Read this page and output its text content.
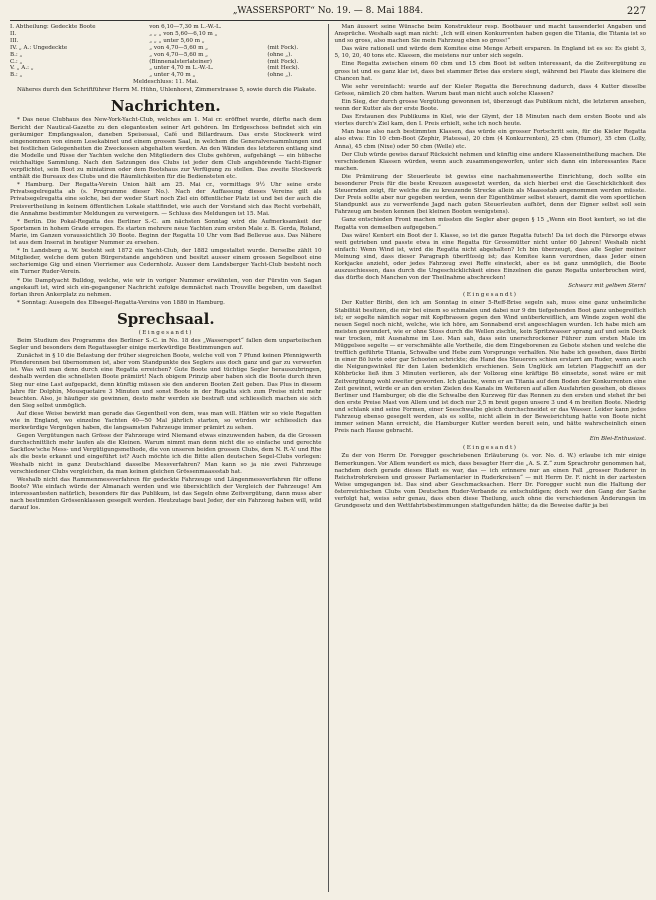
„WASSERSPORT“ No. 19. — 8. Mai 1884.	227
I. Abtheilung: Gedeckte Boote	von 6,10—7,30 m L.-W.-L.	
II.	„ „ „ von 5,60—6,10 m „	
III.	„ „ „ unter 5,60 m „	
IV. „ A.: Ungedeckte	„ von 4,70—5,60 m „	(mit Fock).
B.: „	„ von 4,70—5,60 m „	(ohne „).
C.: „	(Binnenalsterlateiner)	(mit Fock).
V. „ A.: „	„ unter 4,70 m L.-W.-L.	(mit Heck).
B.: „	„ unter 4,70 m „	(ohne „).

Meldeschluss: 11. Mai.

Näheres durch den Schriftführer Herrn M. Hühn, Uhlenhorst, Zimmerstrasse 5, sowie durch die Plakate.

Nachrichten.

* Das neue Clubhaus des New-York-Yacht-Club, welches am 1. Mai cr. eröffnet wurde, dürfte nach dem Bericht der Nautical-Gazette zu den elegantesten seiner Art gehören. Im Erdgeschoss befindet sich ein geräumiger Empfangssalon, daneben Speisesaal, Café und Billardraum. Das erste Stockwerk wird eingenommen von einem Lesekabinet und einem grossen Saal, in welchem die Generalversammlungen und bei festlichen Gelegenheiten die Zweckessen abgehalten werden. An den Wänden des letzteren entlang sind die Modelle und Risse der Yachten welche den Mitgliedern des Clubs gehören, aufgehängt — ein hübsche reichhaltige Sammlung. Nach den Satzungen des Clubs ist jeder dem Club angehörende Yacht-Eigner verpflichtet, sein Boot zu miniatiren oder dem Bootshaus zur Verfügung zu stellen. Das zweite Stockwerk enthält die Bureaux des Clubs und die Räumlichkeiten für die Bediensteten etc.

* Hamburg. Der Regatta-Verein Union hält am 25. Mai cr., vormittags 9½ Uhr seine erste Privatsegelregatta ab (s. Programme dieser No.). Nach der Auffassung dieses Vereins gilt als Privatsegelregatta eine solche, bei der weder Start noch Ziel ein öffentlicher Platz ist und bei der auch die Preisvertheilung in keinem öffentlichen Lokale stattfindet, wie auch der Vorstand sich das Recht vorbehält, die Annahme bestimmter Meldungen zu verweigern. — Schluss des Meldungen ist 15. Mai.

* Berlin. Die Pokal-Regatta des Berliner S.-C. am nächsten Sonntag wird die Aufmerksamkeit der Sportsmen in hohem Grade erregen. Es starten mehrere neue Yachten zum ersten Male z. B. Gerda, Roland, Marie, im Ganzen voraussichtlich 30 Boote. Beginn der Regatta 10 Uhr vom Bad Bellevue aus. Das Nähere ist aus dem Inserat in heutiger Nummer zu ersehen.

* In Landsberg a. W. besteht seit 1872 ein Yacht-Club, der 1882 umgestaltet wurde. Derselbe zählt 10 Mitglieder, welche dem guten Bürgerstande angehören und besitzt ausser einem grossen Segelboot eine sechsriemige Gig und einen Vierriemer aus Cedernholz. Ausser dem Landsberger Yacht-Club besteht noch ein Turner Ruder-Verein.

* Die Dampfyacht Bulldog, welche, wie wir in voriger Nummer erwähnten, von der Fürstin von Sagan angekauft ist, wird sich ein-gegangener Nachricht zufolge demnächst nach Trouville begeben, um daselbst fortan ihren Ankerplatz zu nehmen.

* Sonntag: Ausegeln des Elbsegel-Regatta-Vereins von 1880 in Hamburg.

Sprechsaal.

(Eingesandt)

Beim Studium des Programms des Berliner S.-C. in No. 18 des „Wassersport“ fallen dem unparteiischen Segler und besonders dem Regattasegler einige merkwürdige Bestimmungen auf.

Zunächst in § 10 die Belastung der früher siegreichen Boote, welche voll von 7 Pfund keinen Pfennigwerth Pfenderennen bei übernommen ist, aber vom Standpunkte des Seglers aus doch ganz und gar zu verwerfen ist. Was will man denn durch eine Regatta erreichen? Gute Boote und tüchtige Segler herauszubringen, deshalb werden die schnellsten Boote prämiirt! Nach obigem Prinzip aber haben sich die Boote durch ihren Sieg nur eine Last aufgepackt, denn künftig müssen sie den anderen Booten Zeit geben. Das Plus in diesem Jahre für Dolphin, Mousquetaire 3 Minuten und sonst Boote in der Regatta sich zum Preise nicht mehr beachten. Also, je häufiger sie gewinnen, desto mehr werden sie bestraft und schliesslich machen sie sich den Sieg selbst unmöglich.

Auf diese Weise bewirkt man gerade das Gegentheil von dem, was man will. Hätten wir so viele Regatten wie in England, wo einzelne Yachten 40—50 Mal jährlich starten, so würden wir schliesslich das merkwürdige Vergnügen haben, die langsamsten Fahrzeuge immer prämirt zu sehen.

Gegen Vergütungen nach Grösse der Fahrzeuge wird Niemand etwas einzuwenden haben, da die Grossen durchschnittlich mehr laufen als die Kleinen. Warum nimmt man denn nicht die so einfache und gerechte Sackflow'sche Mess- und Vergütigungsmethode, die von unseren beiden grossen Clubs, dem N. R.-V. und Rhe als die beste erkannt und eingeführt ist? Auch möchte ich die Bitte allen deutschen Segel-Clubs vorlegen: Weshalb nicht in ganz Deutschland dasselbe Messverfahren? Man kann so ja nie zwei Fahrzeuge verschiedener Clubs vergleichen, da man keinen gleichen Grössenmaassstab hat.

Weshalb nicht das Rammenmessverfahren für gedeckte Fahrzeuge und Längenmessverfahren für offene Boote? Wie einfach würde der Almanach werden und wie übersichtlich der Vergleich der Fahrzeuge! Am interessantesten natürlich, besonders für das Publikum, ist das Segeln ohne Zeitvergütung, dann muss aber nach bestimmten Grössenklassen gesegelt werden. Heutzutage baut Jeder, der ein Fahrzeug haben will, wild darauf los.

Man äussert seine Wünsche beim Konstrukteur resp. Bootbauer und macht tausenderlei Angaben und Ansprüche. Weshalb sagt man nicht: „Ich will einen Konkurrenten haben gegen die Titania, die Titania ist so und so gross, also machen Sie mein Fahrzeug eben so gross!“

Das wäre rationell und würde dem Komitee eine Menge Arbeit ersparen. In England ist es so: Es giebt 3, 5, 10, 20, 40 tons etc. Klassen, die meistens nur unter sich segeln.

Eine Regatta zwischen einem 60 cbm und 15 cbm Boot ist selten interessant, da die Zeitvergütung zu gross ist und es ganz klar ist, dass bei stammer Brise das erstere siegt, während bei Flaute das kleinere die Chancen hat.

Wie sehr vereinfacht: wurde auf der Kieler Regatta die Berechnung dadurch, dass 4 Kutter dieselbe Grösse, nämlich 20 cbm hatten. Warum baut man nicht auch solche Klassen?

Ein Sieg, der durch grosse Vergütung gewonnen ist, überzeugt das Publikum nicht, die letzteren ansehen, wenn der Kutter als der erste Boote.

Das Erstaunen des Publikums in Kiel, wie der Glymt, der 18 Minuten nach dem ersten Boote und als viertes durch's Ziel kam, den I. Preis erhielt, sehe ich noch heute.

Man baue also nach bestimmten Klassen, das würde ein grosser Fortschritt sein, für die Kieler Regatta also etwa: Ein 10 cbm-Boot (Zephir, Platessa), 20 cbm (4 Konkurrenten), 25 cbm (Humor), 35 cbm (Lolly, Anna), 45 cbm (Nixe) oder 50 cbm (Welle) etc.

Der Club würde gewiss darauf Rücksicht nehmen und künftig eine andere Klasseneintheilung machen. Die verschiedenen Klassen würden, wenn auch zusammengeworfen, unter sich dann ein interessantes Race machen.

Die Prämiirung der Steuerleute ist gewiss eine nachahmenswerthe Einrichtung, doch sollte ein besonderer Preis für die beste Kreuzen ausgesetzt werden, da sich hierbei erst die Geschicklichkeit des Steuernden zeigt, für welche die zu kreuzende Strecke allein als Maassstab angenommen werden müsste. Der Preis sollte aber nur gegeben werden, wenn der Eigenthümer selbst steuert, damit die vom sportlichen Standpunkt aus zu verwerfende Jagd nach guten Steuerleuten aufhört, denn der Eigner selbst soll sein Fahrzeug am besten kennen (bei kleinen Booten wenigstens).

Ganz entschieden Front machen müssten die Segler aber gegen § 15 „Wenn ein Boot kentert, so ist die Regatta von demselben aufgegeben.“

Das wäre! Kentert ein Boot der I. Klasse, so ist die ganze Regatta futsch! Da ist doch die Fürsorge etwas weit getrieben und passte etwa in eine Regatta für Grossmütter nicht unter 60 Jahren! Weshalb nicht einfach: Wenn Wind ist, wird die Regatta nicht abgehalten? Ich bin überzeugt, dass alle Segler meiner Meinung sind, dass dieser Paragraph überflüssig ist; das Komitee kann verordnen, dass Jeder einen Korkjacke anzieht, oder jedes Fahrzeug zwei Reffe einsteckt, aber es ist ganz unmöglich, die Boote auszuschiessen, dass durch die Ungeschicklichkeit eines Einzelnen die ganze Regatta unterbrochen wird, das dürfte doch Manchen von der Theilnahme abschrecken!

Schwarz mit gelbem Stern!

(Eingesandt)

Der Kutter Biribi, den ich am Sonntag in einer 5-Reff-Brise segeln sah, muss eine ganz unheimliche Stabilität besitzen, die mir bei einem so schmalen und dabei nur 9 dm tiefgehenden Boot ganz unbegreiflich ist; er segelte nämlich sogar mit Kopfbrassen gegen den Wind unüberkreifllich, am Winde zogen wohl die neuen Segel noch nicht, welche, wie ich höre, am Sonnabend erst angeschlagen wurden. Ich habe mich am meisten gewundert, wie er ohne Stoss durch die Wellen zischte, kein Spritzwasser sprang auf und sein Deck war trocken, mit Ausnahme im Lee. Man sah, dass sein unerschrockener Führer zum ersten Male im Müggelsee segelte — er verschmähte alle Vortheile, die dem Eingeborenen zu Gebote stehen und welche die trefflich geführte Titania, Schwalbe und Hebe zum Vorsprunge verhalfen. Nie habe ich gesehen, dass Biribi in einer Bö luvte oder gar Schooten schrickte; die Hand des Steuerers schien erstarrt am Ruder, wenn auch die Neigungswinkel für den Laien bedenklich erschienen. Sein Unglück am letzten Flaggschiff an der Köhbrücke ließ ihm 3 Minuten verlieren, als der Vollzeug eine kräftige Bö einsetzte, sonst wäre er mit Zeitvergütung wohl zweiter geworden. Ich glaube, wenn er an Titania auf dem Boden der Konkurrenten eine Zeit gewinnt, würde er an den ersten Zielen des Kanals im Weiteren auf allen Ausfahrten gesehen, ob dieses Berliner und Hamburger, ob die die Schwalbe den Kurzweg für das Rennen zu den ersten und stehet ihr bei den erste Preise Mast von Allem und ist doch nur 2,5 m breit gegen unsere 3 und 4 m breiten Boote. Niedrig und schlank sind seine Formen, einer Seeschwalbe gleich durchschneidet er das Wasser. Leider kann jedes Fahrzeug ebenso gesegelt werden, als es sollte, nicht allein in der Beweisrichtung hatte von Boote nicht immer seinen Mann erreicht, die Hamburger Kutter werden bereit sein, und hätte wahrscheinlich einen Preis nach Hause gebracht.

Ein Blei-Enthusiast.

(Eingesandt)

Zu der von Herrn Dr. Foregger geschriebenen Erläuterung (s. vor. No. d. W.) erlaube ich mir einige Bemerkungen. Vor Allem wundert es mich, dass besagter Herr die „A. S. Z.“ zum Sprachrohr genommen hat, nachdem doch gerade dieses Blatt es war, das — ich erinnere nur an einen Fall „grosser Ruderer in Reichstrohrkreisen und grosser Parlamentarier in Ruderkreisen“ — mit Herrn Dr. F. nicht in der zartesten Weise umgegangen ist. Das sind aber Geschmacksachen. Herr Dr. Foregger sucht nun die Haltung der österreichischen Clubs vom Deutschen Ruder-Verbande zu entschuldigen; doch wer den Gang der Sache verfolgt hat, weiss sehr genau, dass eben diese Theilung, auch ohne die verschiedenen Änderungen im Grundgesetz und den Wettfahrtsbestimmungen stattgefunden hätte; da die Beweise dafür ja bei
